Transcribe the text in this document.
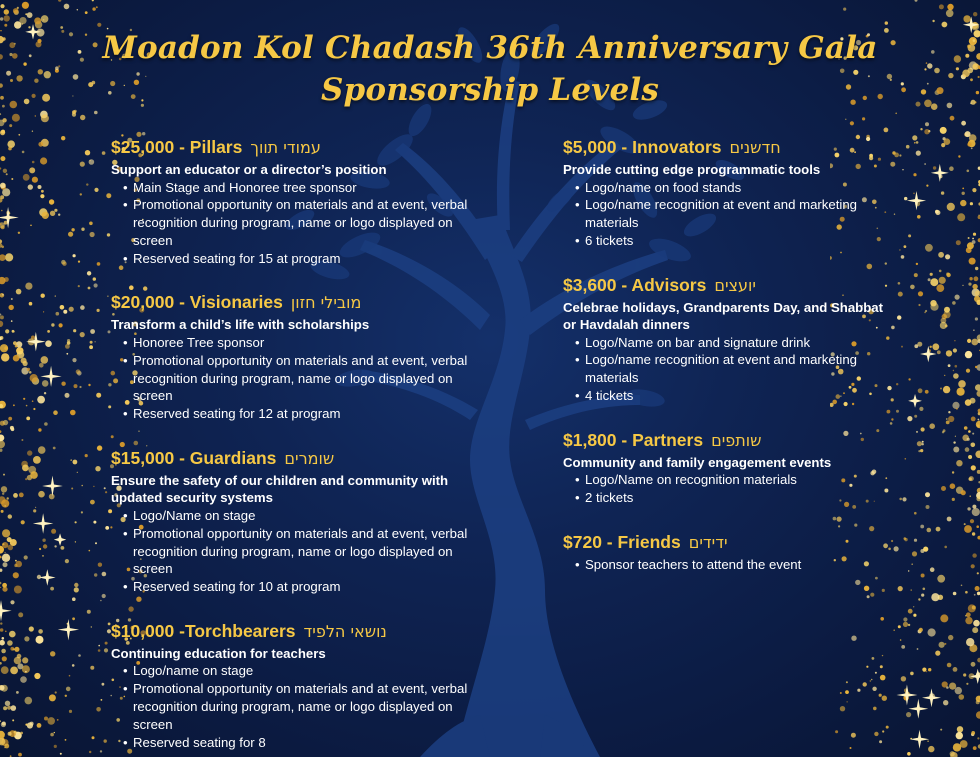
Moadon Kol Chadash 36th Anniversary Gala
Sponsorship Levels
$25,000 - Pillars עמודי תווך
Support an educator or a director’s position
• Main Stage and Honoree tree sponsor
• Promotional opportunity on materials and at event, verbal recognition during program, name or logo displayed on screen
• Reserved seating for 15 at program
$20,000 - Visionaries מובילי חזון
Transform a child’s life with scholarships
• Honoree Tree sponsor
• Promotional opportunity on materials and at event, verbal recognition during program, name or logo displayed on screen
• Reserved seating for 12 at program
$15,000 - Guardians שומרים
Ensure the safety of our children and community with updated security systems
• Logo/Name on stage
• Promotional opportunity on materials and at event, verbal recognition during program, name or logo displayed on screen
• Reserved seating for 10 at program
$10,000 -Torchbearers נושאי הלפיד
Continuing education for teachers
• Logo/name on stage
• Promotional opportunity on materials and at event, verbal recognition during program, name or logo displayed on screen
• Reserved seating for 8
$5,000 - Innovators חדשנים
Provide cutting edge programmatic tools
• Logo/name on food stands
• Logo/name recognition at event and marketing materials
• 6 tickets
$3,600 - Advisors יועצים
Celebrae holidays, Grandparents Day, and Shabbat or Havdalah dinners
• Logo/Name on bar and signature drink
• Logo/name recognition at event and marketing materials
• 4 tickets
$1,800 - Partners שותפים
Community and family engagement events
• Logo/Name on recognition materials
• 2 tickets
$720 - Friends ידידים
• Sponsor teachers to attend the event
